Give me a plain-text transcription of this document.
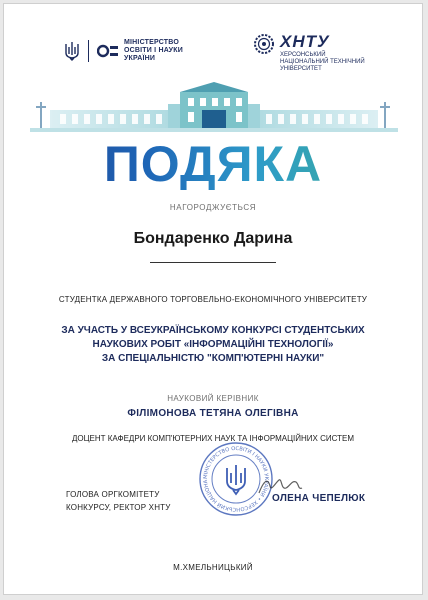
МІНІСТЕРСТВО
ОСВІТИ І НАУКИ
УКРАЇНИ
ХНТУ
ХЕРСОНСЬКИЙ
НАЦІОНАЛЬНИЙ ТЕХНІЧНИЙ
УНІВЕРСИТЕТ
ПОДЯКА
НАГОРОДЖУЄТЬСЯ
Бондаренко Дарина
СТУДЕНТКА ДЕРЖАВНОГО ТОРГОВЕЛЬНО-ЕКОНОМІЧНОГО УНІВЕРСИТЕТУ
ЗА УЧАСТЬ У ВСЕУКРАЇНСЬКОМУ КОНКУРСІ СТУДЕНТСЬКИХ
НАУКОВИХ РОБІТ «ІНФОРМАЦІЙНІ ТЕХНОЛОГІЇ»
ЗА СПЕЦІАЛЬНІСТЮ "КОМП'ЮТЕРНІ НАУКИ"
НАУКОВИЙ КЕРІВНИК
ФІЛІМОНОВА ТЕТЯНА ОЛЕГІВНА
ДОЦЕНТ КАФЕДРИ КОМП'ЮТЕРНИХ НАУК ТА ІНФОРМАЦІЙНИХ СИСТЕМ
ГОЛОВА ОРГКОМІТЕТУ
КОНКУРСУ, РЕКТОР ХНТУ
МІНІСТЕРСТВО ОСВІТИ І НАУКИ УКРАЇНИ • ХЕРСОНСЬКИЙ НАЦІОНА
ОЛЕНА ЧЕПЕЛЮК
М.ХМЕЛЬНИЦЬКИЙ
